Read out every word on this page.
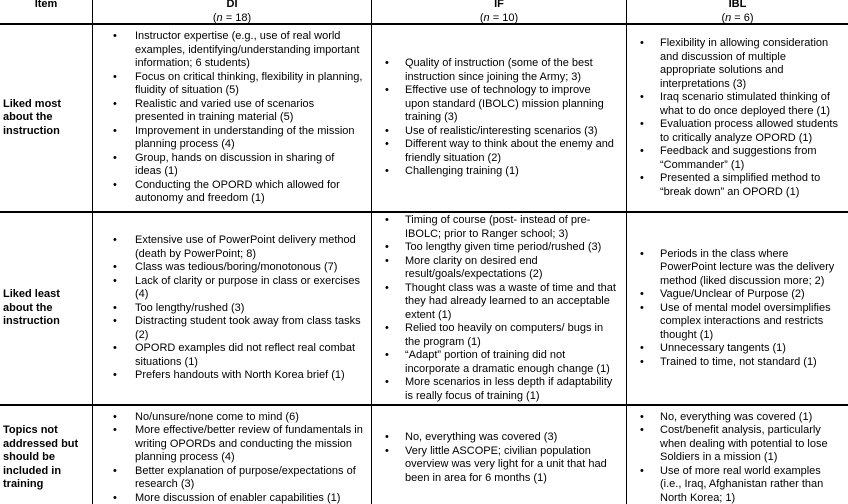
Item	DI
(n = 18)
IF
(n = 10)
IBL
(n = 6)
Liked most about the instruction
• Instructor expertise (e.g., use of real world examples, identifying/understanding important information; 6 students)
• Focus on critical thinking, flexibility in planning, fluidity of situation (5)
• Realistic and varied use of scenarios presented in training material (5)
• Improvement in understanding of the mission planning process (4)
• Group, hands on discussion in sharing of ideas (1)
• Conducting the OPORD which allowed for autonomy and freedom (1)
• Quality of instruction (some of the best instruction since joining the Army; 3)
• Effective use of technology to improve upon standard (IBOLC) mission planning training (3)
• Use of realistic/interesting scenarios (3)
• Different way to think about the enemy and friendly situation (2)
• Challenging training (1)
• Flexibility in allowing consideration and discussion of multiple appropriate solutions and interpretations (3)
• Iraq scenario stimulated thinking of what to do once deployed there (1)
• Evaluation process allowed students to critically analyze OPORD (1)
• Feedback and suggestions from “Commander” (1)
• Presented a simplified method to “break down” an OPORD (1)
Liked least about the instruction
• Extensive use of PowerPoint delivery method (death by PowerPoint; 8)
• Class was tedious/boring/monotonous (7)
• Lack of clarity or purpose in class or exercises (4)
• Too lengthy/rushed (3)
• Distracting student took away from class tasks (2)
• OPORD examples did not reflect real combat situations (1)
• Prefers handouts with North Korea brief (1)
• Timing of course (post- instead of pre-IBOLC; prior to Ranger school; 3)
• Too lengthy given time period/rushed (3)
• More clarity on desired end result/goals/expectations (2)
• Thought class was a waste of time and that they had already learned to an acceptable extent (1)
• Relied too heavily on computers/ bugs in the program (1)
• “Adapt” portion of training did not incorporate a dramatic enough change (1)
• More scenarios in less depth if adaptability is really focus of training (1)
• Periods in the class where PowerPoint lecture was the delivery method (liked discussion more; 2)
• Vague/Unclear of Purpose (2)
• Use of mental model oversimplifies complex interactions and restricts thought (1)
• Unnecessary tangents (1)
• Trained to time, not standard (1)
Topics not addressed but should be included in training
• No/unsure/none come to mind (6)
• More effective/better review of fundamentals in writing OPORDs and conducting the mission planning process (4)
• Better explanation of purpose/expectations of research (3)
• More discussion of enabler capabilities (1)
• No, everything was covered (3)
• Very little ASCOPE; civilian population overview was very light for a unit that had been in area for 6 months (1)
• No, everything was covered (1)
• Cost/benefit analysis, particularly when dealing with potential to lose Soldiers in a mission (1)
• Use of more real world examples (i.e., Iraq, Afghanistan rather than North Korea; 1)
